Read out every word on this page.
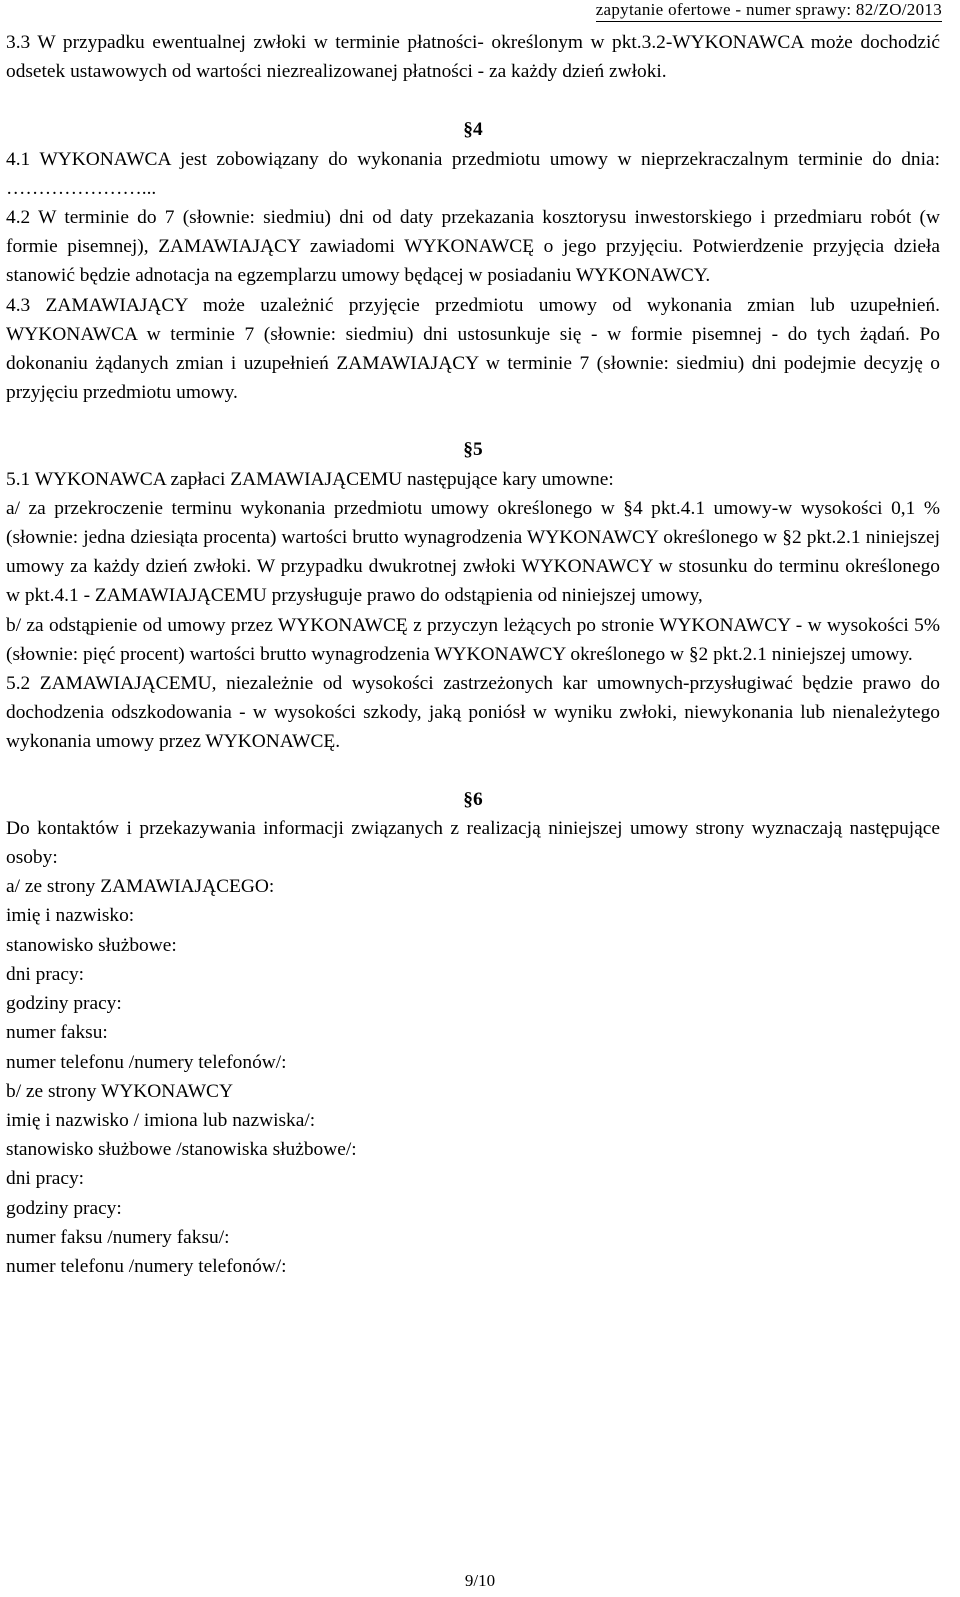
zapytanie ofertowe - numer sprawy: 82/ZO/2013

3.3 W przypadku ewentualnej zwłoki w terminie płatności- określonym w pkt.3.2-WYKONAWCA może dochodzić odsetek ustawowych od wartości niezrealizowanej płatności - za każdy dzień zwłoki.

§4

4.1 WYKONAWCA jest zobowiązany do wykonania przedmiotu umowy w nieprzekraczalnym terminie do dnia: …………………...

4.2 W terminie do 7 (słownie: siedmiu) dni od daty przekazania kosztorysu inwestorskiego i przedmiaru robót (w formie pisemnej), ZAMAWIAJĄCY zawiadomi WYKONAWCĘ o jego przyjęciu. Potwierdzenie przyjęcia dzieła stanowić będzie adnotacja na egzemplarzu umowy będącej w posiadaniu WYKONAWCY.

4.3 ZAMAWIAJĄCY może uzależnić przyjęcie przedmiotu umowy od wykonania zmian lub uzupełnień. WYKONAWCA w terminie 7 (słownie: siedmiu) dni ustosunkuje się - w formie pisemnej - do tych żądań. Po dokonaniu żądanych zmian i uzupełnień ZAMAWIAJĄCY w terminie 7 (słownie: siedmiu) dni podejmie decyzję o przyjęciu przedmiotu umowy.

§5

5.1 WYKONAWCA zapłaci ZAMAWIAJĄCEMU następujące kary umowne:

a/ za przekroczenie terminu wykonania przedmiotu umowy określonego w §4 pkt.4.1 umowy-w wysokości 0,1 % (słownie: jedna dziesiąta procenta) wartości brutto wynagrodzenia WYKONAWCY określonego w §2 pkt.2.1 niniejszej umowy za każdy dzień zwłoki. W przypadku dwukrotnej zwłoki WYKONAWCY w stosunku do terminu określonego w pkt.4.1 - ZAMAWIAJĄCEMU przysługuje prawo do odstąpienia od niniejszej umowy,

b/ za odstąpienie od umowy przez WYKONAWCĘ z przyczyn leżących po stronie WYKONAWCY - w wysokości 5% (słownie: pięć procent) wartości brutto wynagrodzenia WYKONAWCY określonego w §2 pkt.2.1 niniejszej umowy.

5.2 ZAMAWIAJĄCEMU, niezależnie od wysokości zastrzeżonych kar umownych-przysługiwać będzie prawo do dochodzenia odszkodowania - w wysokości szkody, jaką poniósł w wyniku zwłoki, niewykonania lub nienależytego wykonania umowy przez WYKONAWCĘ.

§6

Do kontaktów i przekazywania informacji związanych z realizacją niniejszej umowy strony wyznaczają następujące osoby:

a/ ze strony ZAMAWIAJĄCEGO:

imię i nazwisko:

stanowisko służbowe:

dni pracy:

godziny pracy:

numer faksu:

numer telefonu /numery telefonów/:

b/ ze strony WYKONAWCY

imię i nazwisko / imiona lub nazwiska/:

stanowisko służbowe /stanowiska służbowe/:

dni pracy:

godziny pracy:

numer faksu /numery faksu/:

numer telefonu /numery telefonów/:

9/10
